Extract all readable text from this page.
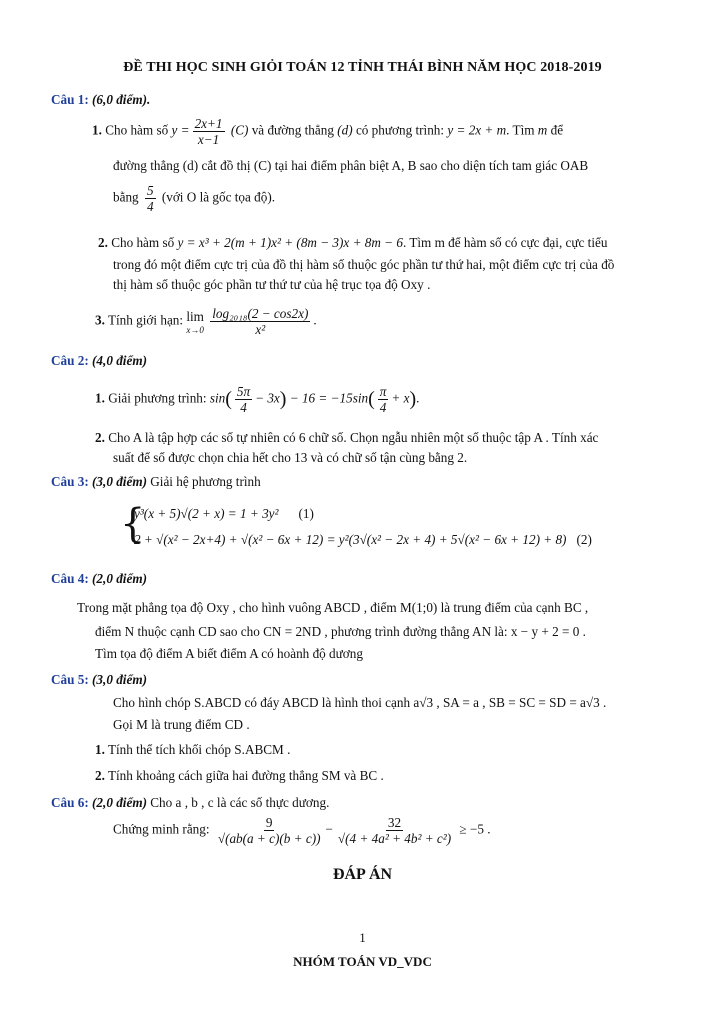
ĐỀ THI HỌC SINH GIỎI TOÁN 12 TỈNH THÁI BÌNH NĂM HỌC 2018-2019
Câu 1: (6,0 điểm).
1. Cho hàm số $y = \frac{2x+1}{x-1} (C)$ và đường thẳng (d) có phương trình: y = 2x + m. Tìm m để
đường thẳng (d) cắt đồ thị (C) tại hai điểm phân biệt A, B sao cho diện tích tam giác OAB
bằng $\frac{5}{4}$ (với O là gốc tọa độ).
2. Cho hàm số y = x³ + 2(m + 1)x² + (8m − 3)x + 8m − 6. Tìm m để hàm số có cực đại, cực tiểu
trong đó một điểm cực trị của đồ thị hàm số thuộc góc phần tư thứ hai, một điểm cực trị của đồ
thị hàm số thuộc góc phần tư thứ tư của hệ trục tọa độ Oxy .
3. Tính giới hạn: lim
x→0
$\frac{\text{log₂₀₁₈(2 − cos2x)}}{\text{x²}}$ .
Câu 2: (4,0 điểm)
1. Giải phương trình: $\sin( \frac{5\pi}{4} - 3x) - 16 = -15\sin( \frac{\pi}{4} + x)$.
2. Cho A là tập hợp các số tự nhiên có 6 chữ số. Chọn ngẫu nhiên một số thuộc tập A . Tính xác
suất để số được chọn chia hết cho 13 và có chữ số tận cùng bằng 2.
Câu 3: (3,0 điểm) Giải hệ phương trình
{
y³(x + 5)√(2 + x) = 1 + 3y² (1)
2 + √(x² − 2x+4) + √(x² − 6x + 12) = y²(3√(x² − 2x + 4) + 5√(x² − 6x + 12) + 8) (2)
Câu 4: (2,0 điểm)
Trong mặt phẳng tọa độ Oxy , cho hình vuông ABCD , điểm M(1;0) là trung điểm của cạnh BC ,
điểm N thuộc cạnh CD sao cho CN = 2ND , phương trình đường thẳng AN là: x − y + 2 = 0 .
Tìm tọa độ điểm A biết điểm A có hoành độ dương
Câu 5: (3,0 điểm)
Cho hình chóp S.ABCD có đáy ABCD là hình thoi cạnh a√3 , SA = a , SB = SC = SD = a√3 .
Gọi M là trung điểm CD .
1. Tính thể tích khối chóp S.ABCM .
2. Tính khoảng cách giữa hai đường thẳng SM và BC .
Câu 6: (2,0 điểm) Cho a , b , c là các số thực dương.
Chứng minh rằng: $\frac{9}{√(ab(a + c)(b + c))} - \frac{32}{\text{√(4 + 4a² + 4b² + c²)}} \ge -5$ .
ĐÁP ÁN
1
NHÓM TOÁN VD_VDC
